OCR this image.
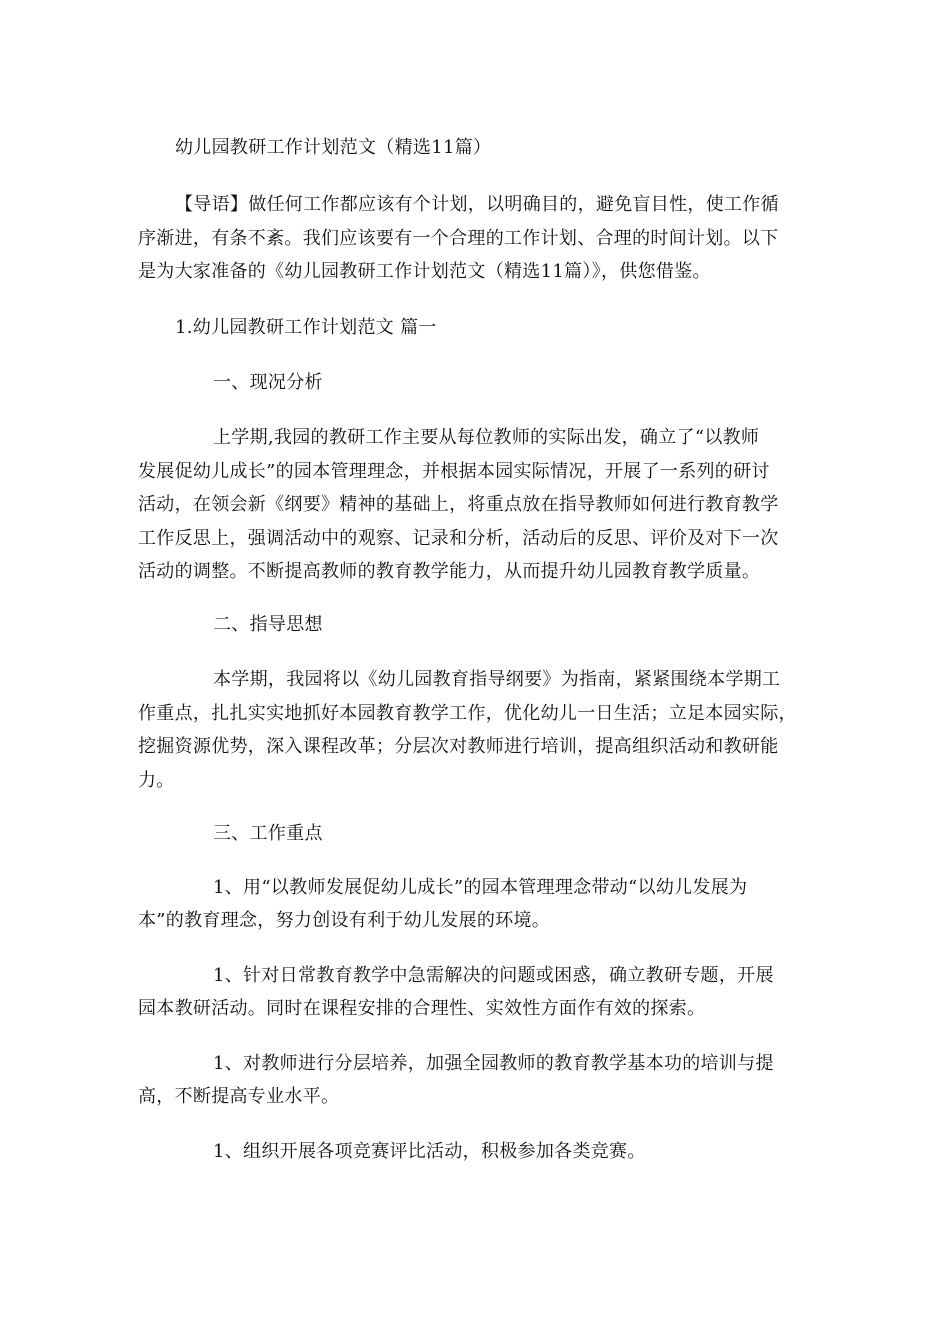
幼儿园教研工作计划范文（精选11篇）
【导语】做任何工作都应该有个计划，以明确目的，避免盲目性，使工作循
序渐进，有条不紊。我们应该要有一个合理的工作计划、合理的时间计划。以下
是为大家准备的《幼儿园教研工作计划范文（精选11篇）》，供您借鉴。
1.幼儿园教研工作计划范文 篇一
一、现况分析
上学期,我园的教研工作主要从每位教师的实际出发，确立了“以教师
发展促幼儿成长”的园本管理理念，并根据本园实际情况，开展了一系列的研讨
活动，在领会新《纲要》精神的基础上，将重点放在指导教师如何进行教育教学
工作反思上，强调活动中的观察、记录和分析，活动后的反思、评价及对下一次
活动的调整。不断提高教师的教育教学能力，从而提升幼儿园教育教学质量。
二、指导思想
本学期，我园将以《幼儿园教育指导纲要》为指南，紧紧围绕本学期工
作重点，扎扎实实地抓好本园教育教学工作，优化幼儿一日生活；立足本园实际，
挖掘资源优势，深入课程改革；分层次对教师进行培训，提高组织活动和教研能
力。
三、工作重点
1、用“以教师发展促幼儿成长”的园本管理理念带动“以幼儿发展为
本”的教育理念，努力创设有利于幼儿发展的环境。
1、针对日常教育教学中急需解决的问题或困惑，确立教研专题，开展
园本教研活动。同时在课程安排的合理性、实效性方面作有效的探索。
1、对教师进行分层培养，加强全园教师的教育教学基本功的培训与提
高，不断提高专业水平。
1、组织开展各项竞赛评比活动，积极参加各类竞赛。
